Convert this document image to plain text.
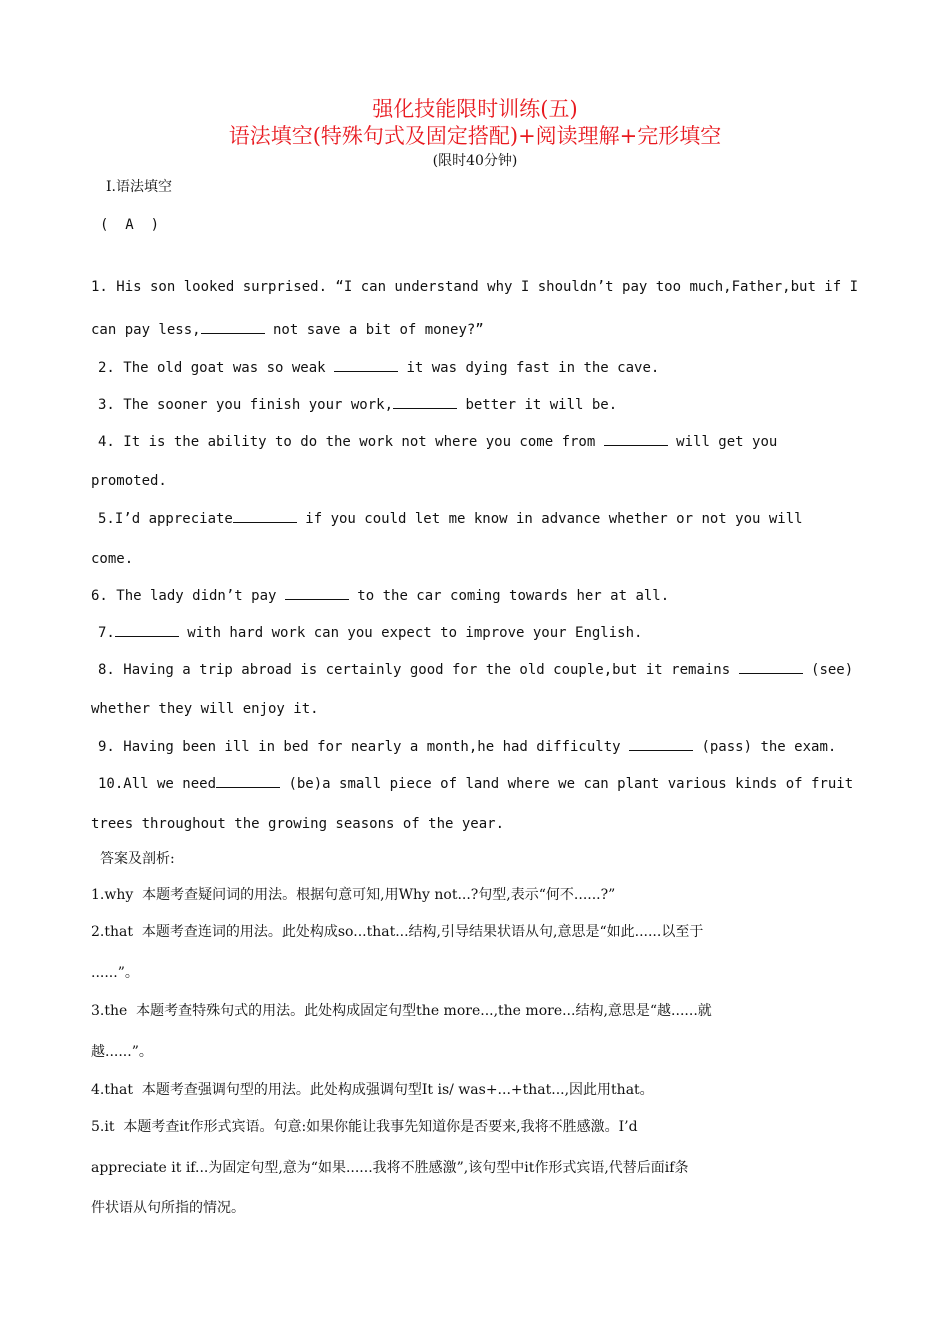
强化技能限时训练(五)
语法填空(特殊句式及固定搭配)+阅读理解+完形填空
(限时40分钟)
I.语法填空
(  A  )
1. His son looked surprised. “I can understand why I shouldn’t pay too much,Father,but if I
can pay less,	not save a bit of money?”
2. The old goat was so weak	it was dying fast in the cave.
3. The sooner you finish your work,	better it will be.
4. It is the ability to do the work not where you come from	will get you
promoted.
5.I’d appreciate	if you could let me know in advance whether or not you will
come.
6. The lady didn’t pay	to the car coming towards her at all.
7.	with hard work can you expect to improve your English.
8. Having a trip abroad is certainly good for the old couple,but it remains	(see)
whether they will enjoy it.
9. Having been ill in bed for nearly a month,he had difficulty	(pass) the exam.
10.All we need	(be)a small piece of land where we can plant various kinds of fruit
trees throughout the growing seasons of the year.
答案及剖析:
1.why  本题考查疑问词的用法。根据句意可知,用Why not...?句型,表示“何不......?”
2.that  本题考查连词的用法。此处构成so...that...结构,引导结果状语从句,意思是“如此......以至于
......”。
3.the  本题考查特殊句式的用法。此处构成固定句型the more...,the more...结构,意思是“越......就
越......”。
4.that  本题考查强调句型的用法。此处构成强调句型It is/ was+...+that...,因此用that。
5.it  本题考查it作形式宾语。句意:如果你能让我事先知道你是否要来,我将不胜感激。I’d
appreciate it if...为固定句型,意为“如果......我将不胜感激”,该句型中it作形式宾语,代替后面if条
件状语从句所指的情况。
